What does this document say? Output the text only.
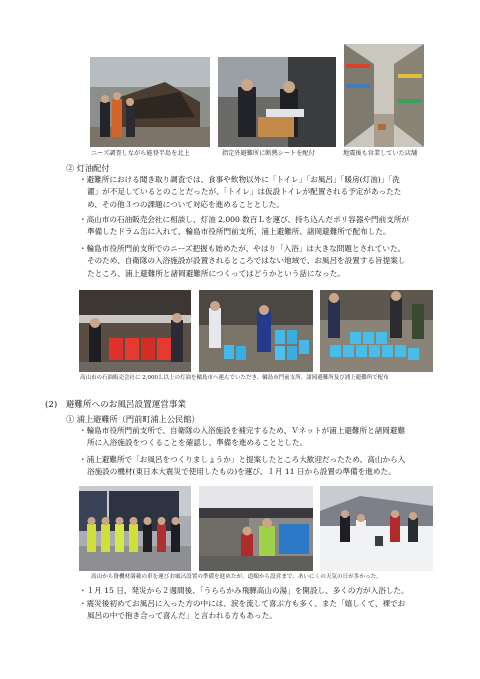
ニーズ調査しながら能登半島を北上	指定外避難所に断熱シートを配付	地震後も営業していた店舗
② 灯油配付
・避難所における聞き取り調査では、食事や飲物以外に「トイレ」「お風呂」「暖房(灯油)」「洗
濯」が不足しているとのことだったが、「トイレ」は仮設トイレが配置される予定があったた
め、その他３つの課題について対応を進めることとした。
・高山市の石油販売会社に相談し、灯油 2,000 数百Ｌを運び、持ち込んだポリ容器や門前支所が
準備したドラム缶に入れて、輪島市役所門前支所、浦上避難所、諸岡避難所で配布した。
・輪島市役所門前支所でのニーズ把握も始めたが、やはり「入浴」は大きな問題とされていた。
そのため、自衛隊の入浴施設が設置されるところではない地域で、お風呂を設置する旨提案し
たところ、浦上避難所と諸岡避難所につくってはどうかという話になった。
高山市の石油販売会社に 2,000Ｌ以上の灯油を輪島市へ運んでいただき、輪島市門前支所、諸岡避難所及び浦上避難所で配布
(2)　避難所へのお風呂設置運営事業
① 浦上避難所（門前町浦上公民館）
・輪島市役所門前支所で、自衛隊の入浴施設を補完するため、Ｖネットが浦上避難所と諸岡避難
所に入浴施設をつくることを確認し、準備を進めることとした。
・浦上避難所で「お風呂をつくりましょうか」と提案したところ大歓迎だったため、高山から入
浴施設の機材(東日本大震災で使用したもの)を運び、１月 11 日から設置の準備を進めた。
高山から資機材満載の車を運びお風呂設置の準備を進めたが、道順から設営まで、あいにくの天気の日が多かった。
・１月 15 日、発災から２週間後、「うららかみ飛騨高山の湯」を開設し、多くの方が入浴した。
・震災後初めてお風呂に入った方の中には、涙を流して喜ぶ方も多く、また「嬉しくて、裸でお
風呂の中で抱き合って喜んだ」と言われる方もあった。
